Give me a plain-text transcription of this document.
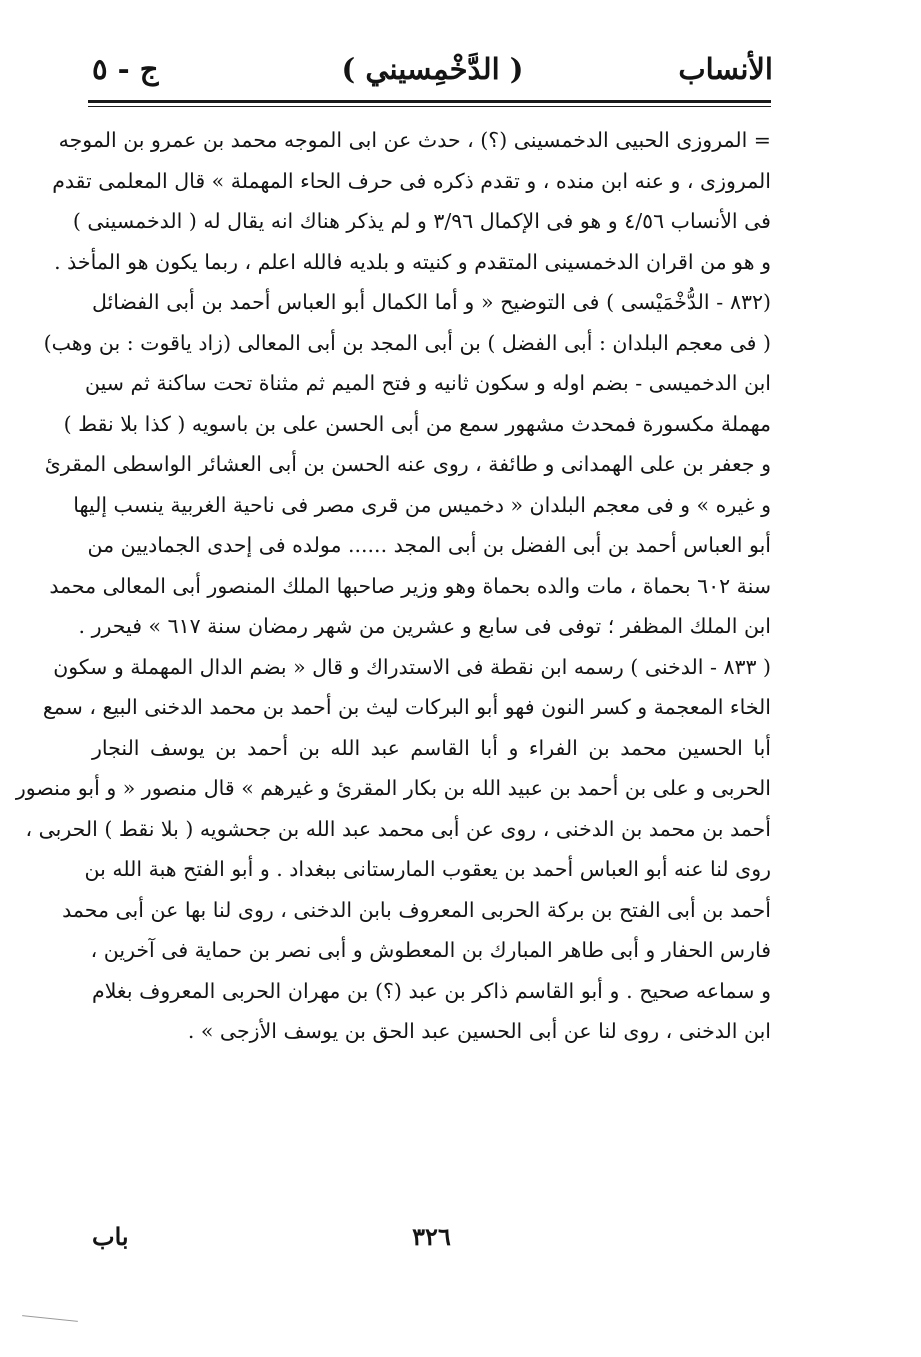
الأنساب
( الدَّخْمِسيني )
ج - ٥
= المروزى الحبيى الدخمسينى (؟) ، حدث عن ابى الموجه محمد بن عمرو بن الموجه
المروزى ، و عنه ابن منده ، و تقدم ذكره فى حرف الحاء المهملة » قال المعلمى تقدم
فى الأنساب ٤/٥٦ و هو فى الإكمال ٣/٩٦ و لم يذكر هناك انه يقال له ( الدخمسينى )
و هو من اقران الدخمسينى المتقدم و كنيته و بلديه فالله اعلم ، ربما يكون هو المأخذ .
(٨٣٢ - الدُّخْمَيْسى ) فى التوضيح « و أما الكمال أبو العباس أحمد بن أبى الفضائل
( فى معجم البلدان : أبى الفضل ) بن أبى المجد بن أبى المعالى (زاد ياقوت : بن وهب)
ابن الدخميسى - بضم اوله و سكون ثانيه و فتح الميم ثم مثناة تحت ساكنة ثم سين
مهملة مكسورة فمحدث مشهور سمع من أبى الحسن على بن باسويه ( كذا بلا نقط )
و جعفر بن على الهمدانى و طائفة ، روى عنه الحسن بن أبى العشائر الواسطى المقرئ
و غيره » و فى معجم البلدان « دخميس من قرى مصر فى ناحية الغربية ينسب إليها
أبو العباس أحمد بن أبى الفضل بن أبى المجد ...... مولده فى إحدى الجماديين من
سنة ٦٠٢ بحماة ، مات والده بحماة وهو وزير صاحبها الملك المنصور أبى المعالى محمد
ابن الملك المظفر ؛ توفى فى سابع و عشرين من شهر رمضان سنة ٦١٧ » فيحرر .
( ٨٣٣ - الدخنى ) رسمه ابن نقطة فى الاستدراك و قال « بضم الدال المهملة و سكون
الخاء المعجمة و كسر النون فهو أبو البركات ليث بن أحمد بن محمد الدخنى البيع ، سمع
أبا الحسين محمد بن الفراء و أبا القاسم عبد الله بن أحمد بن يوسف النجار
الحربى و على بن أحمد بن عبيد الله بن بكار المقرئ و غيرهم » قال منصور « و أبو منصور
أحمد بن محمد بن الدخنى ، روى عن أبى محمد عبد الله بن جحشويه ( بلا نقط ) الحربى ،
روى لنا عنه أبو العباس أحمد بن يعقوب المارستانى ببغداد . و أبو الفتح هبة الله بن
أحمد بن أبى الفتح بن بركة الحربى المعروف بابن الدخنى ، روى لنا بها عن أبى محمد
فارس الحفار و أبى طاهر المبارك بن المعطوش و أبى نصر بن حماية فى آخرين ،
و سماعه صحيح . و أبو القاسم ذاكر بن عبد (؟) بن مهران الحربى المعروف بغلام
ابن الدخنى ، روى لنا عن أبى الحسين عبد الحق بن يوسف الأزجى » .
٣٢٦
باب
